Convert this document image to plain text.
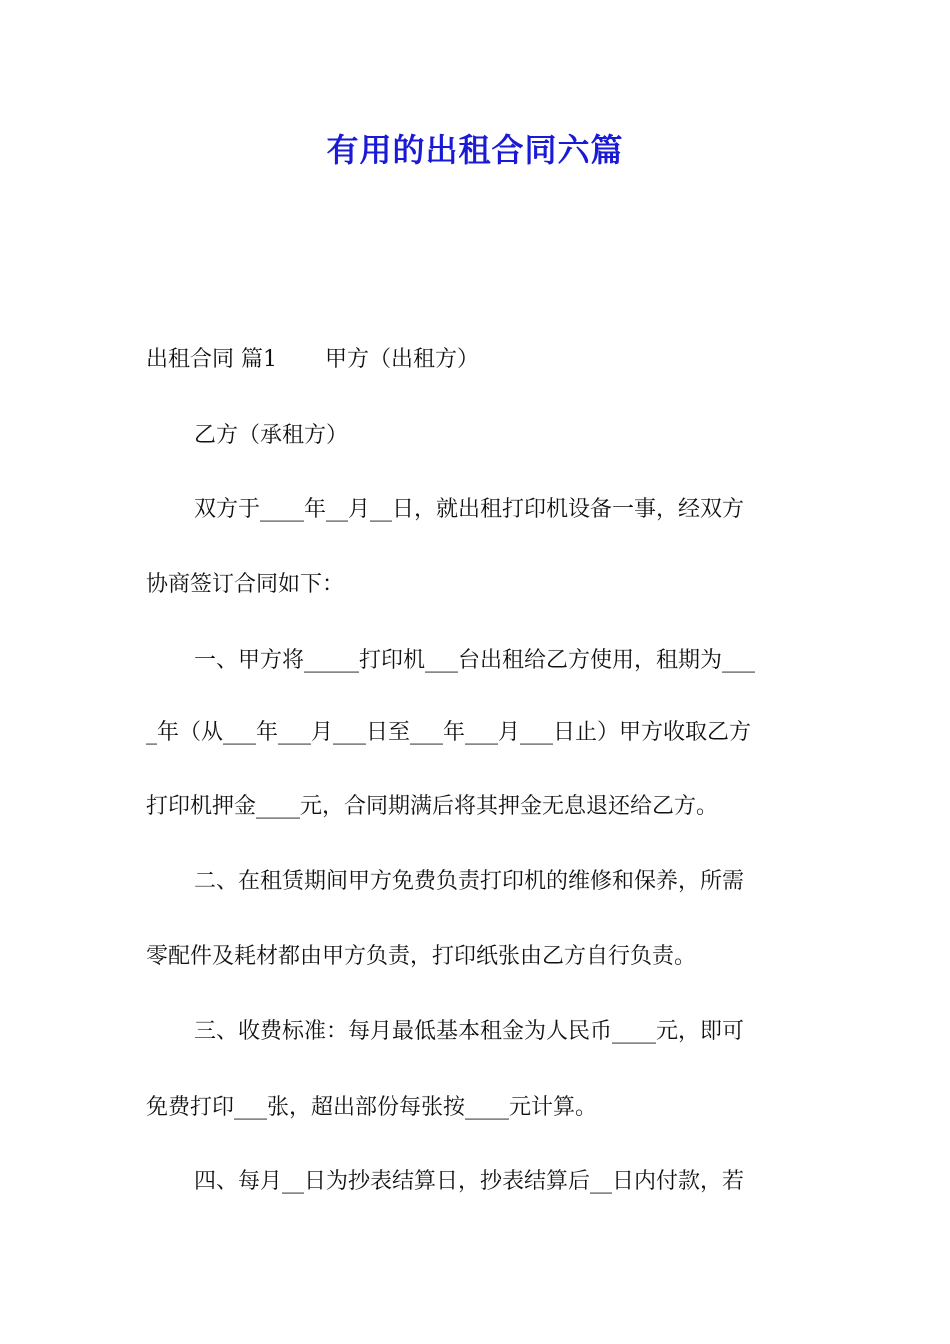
有用的出租合同六篇
出租合同 篇1 甲方（出租方）
乙方（承租方）
双方于____年__月__日，就出租打印机设备一事，经双方
协商签订合同如下：
一、甲方将_____打印机___台出租给乙方使用，租期为___
_年（从___年___月___日至___年___月___日止）甲方收取乙方
打印机押金____元，合同期满后将其押金无息退还给乙方。
二、在租赁期间甲方免费负责打印机的维修和保养，所需
零配件及耗材都由甲方负责，打印纸张由乙方自行负责。
三、收费标准：每月最低基本租金为人民币____元，即可
免费打印___张，超出部份每张按____元计算。
四、每月__日为抄表结算日，抄表结算后__日内付款，若
